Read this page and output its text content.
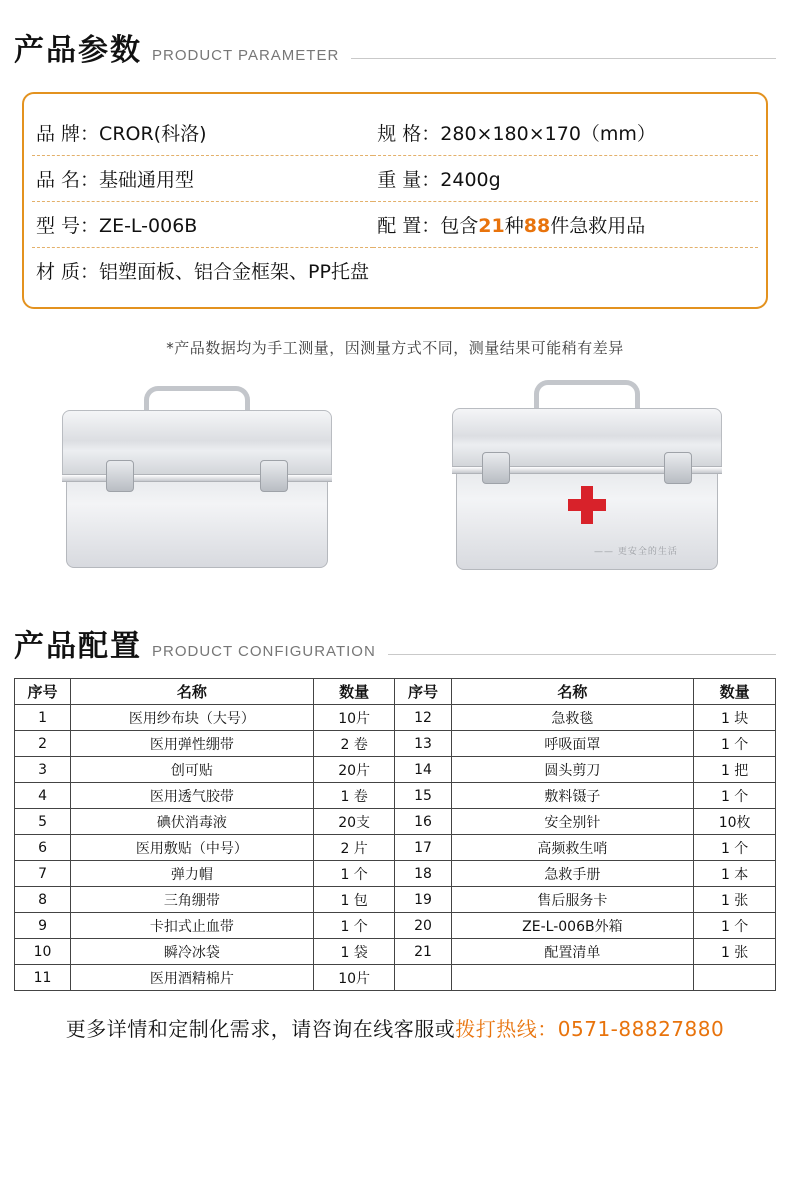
产品参数 PRODUCT PARAMETER
品 牌：CROR(科洛)	规 格：280×180×170（mm）
品 名：基础通用型	重 量：2400g
型 号：ZE-L-006B	配 置：包含21种88件急救用品
材 质：铝塑面板、铝合金框架、PP托盘	
*产品数据均为手工测量，因测量方式不同，测量结果可能稍有差异
—— 更安全的生活
产品配置 PRODUCT CONFIGURATION
序号	名称	数量	序号	名称	数量
1	医用纱布块（大号）	10片	12	急救毯	1 块
2	医用弹性绷带	2 卷	13	呼吸面罩	1 个
3	创可贴	20片	14	圆头剪刀	1 把
4	医用透气胶带	1 卷	15	敷料镊子	1 个
5	碘伏消毒液	20支	16	安全别针	10枚
6	医用敷贴（中号）	2 片	17	高频救生哨	1 个
7	弹力帽	1 个	18	急救手册	1 本
8	三角绷带	1 包	19	售后服务卡	1 张
9	卡扣式止血带	1 个	20	ZE-L-006B外箱	1 个
10	瞬冷冰袋	1 袋	21	配置清单	1 张
11	医用酒精棉片	10片			
更多详情和定制化需求，请咨询在线客服或拨打热线：0571-88827880
